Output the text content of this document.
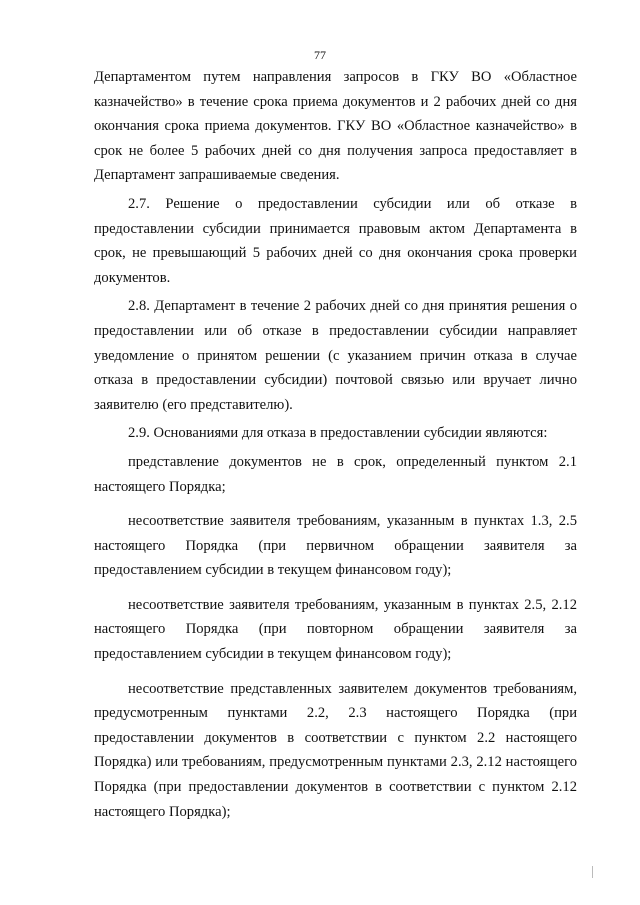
77
Департаментом путем направления запросов в ГКУ ВО «Областное
казначейство» в течение срока приема документов и 2 рабочих дней со дня
окончания срока приема документов. ГКУ ВО «Областное казначейство» в
срок не более 5 рабочих дней со дня получения запроса предоставляет в
Департамент запрашиваемые сведения.
2.7. Решение о предоставлении субсидии или об отказе в
предоставлении субсидии принимается правовым актом Департамента в
срок, не превышающий 5 рабочих дней со дня окончания срока проверки
документов.
2.8. Департамент в течение 2 рабочих дней со дня принятия решения о
предоставлении или об отказе в предоставлении субсидии направляет
уведомление о принятом решении (с указанием причин отказа в случае
отказа в предоставлении субсидии) почтовой связью или вручает лично
заявителю (его представителю).
2.9. Основаниями для отказа в предоставлении субсидии являются:
представление документов не в срок, определенный пунктом 2.1
настоящего Порядка;
несоответствие заявителя требованиям, указанным в пунктах 1.3, 2.5
настоящего Порядка (при первичном обращении заявителя за
предоставлением субсидии в текущем финансовом году);
несоответствие заявителя требованиям, указанным в пунктах 2.5, 2.12
настоящего Порядка (при повторном обращении заявителя за
предоставлением субсидии в текущем финансовом году);
несоответствие представленных заявителем документов требованиям,
предусмотренным пунктами 2.2, 2.3 настоящего Порядка (при
предоставлении документов в соответствии с пунктом 2.2 настоящего
Порядка) или требованиям, предусмотренным пунктами 2.3, 2.12 настоящего
Порядка (при предоставлении документов в соответствии с пунктом 2.12
настоящего Порядка);
